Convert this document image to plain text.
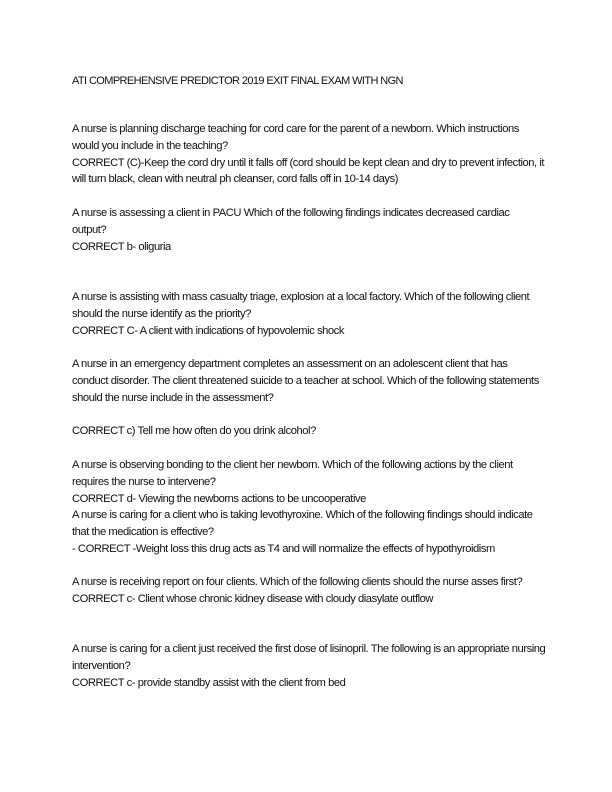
ATI COMPREHENSIVE PREDICTOR 2019 EXIT FINAL EXAM WITH NGN

A nurse is planning discharge teaching for cord care for the parent of a newborn. Which instructions would you include in the teaching?

CORRECT (C)-Keep the cord dry until it falls off (cord should be kept clean and dry to prevent infection, it will turn black, clean with neutral ph cleanser, cord falls off in 10-14 days)

A nurse is assessing a client in PACU Which of the following findings indicates decreased cardiac output?

CORRECT b- oliguria

A nurse is assisting with mass casualty triage, explosion at a local factory. Which of the following client should the nurse identify as the priority?

CORRECT C- A client with indications of hypovolemic shock

A nurse in an emergency department completes an assessment on an adolescent client that has conduct disorder. The client threatened suicide to a teacher at school. Which of the following statements should the nurse include in the assessment?

CORRECT c) Tell me how often do you drink alcohol?

A nurse is observing bonding to the client her newborn. Which of the following actions by the client requires the nurse to intervene?

CORRECT d- Viewing the newborns actions to be uncooperative

A nurse is caring for a client who is taking levothyroxine. Which of the following findings should indicate that the medication is effective?

- CORRECT -Weight loss this drug acts as T4 and will normalize the effects of hypothyroidism

A nurse is receiving report on four clients. Which of the following clients should the nurse asses first?

CORRECT c- Client whose chronic kidney disease with cloudy diasylate outflow

A nurse is caring for a client just received the first dose of lisinopril. The following is an appropriate nursing intervention?

CORRECT c- provide standby assist with the client from bed
